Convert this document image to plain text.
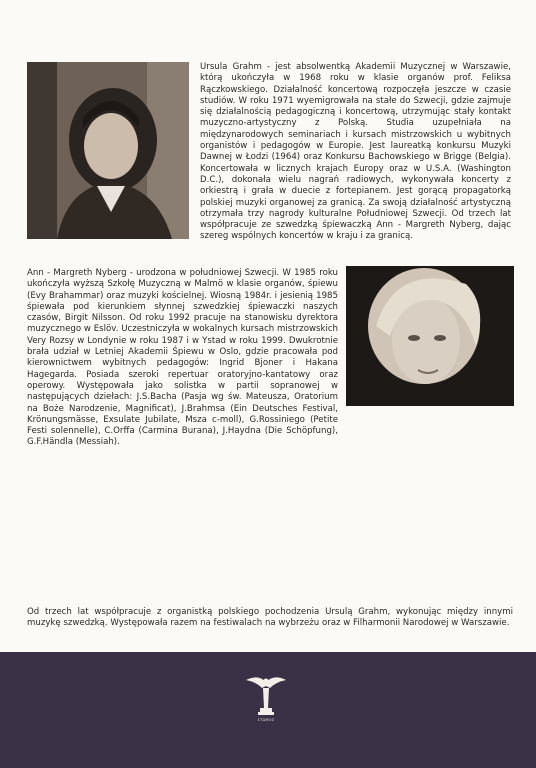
Ursula Grahm - jest absolwentką Akademii Muzycznej w Warszawie, którą ukończyła w 1968 roku w klasie organów prof. Feliksa Rączkowskiego. Działalność koncertową rozpoczęła jeszcze w czasie studiów. W roku 1971 wyemigrowała na stałe do Szwecji, gdzie zajmuje się działalnością pedagogiczną i koncertową, utrzymując stały kontakt muzyczno-artystyczny z Polską. Studia uzupełniała na międzynarodowych seminariach i kursach mistrzowskich u wybitnych organistów i pedagogów w Europie. Jest laureatką konkursu Muzyki Dawnej w Łodzi (1964) oraz Konkursu Bachowskiego w Brigge (Belgia). Koncertowała w licznych krajach Europy oraz w U.S.A. (Washington D.C.), dokonała wielu nagrań radiowych, wykonywała koncerty z orkiestrą i grała w duecie z fortepianem. Jest gorącą propagatorką polskiej muzyki organowej za granicą. Za swoją działalność artystyczną otrzymała trzy nagrody kulturalne Południowej Szwecji. Od trzech lat współpracuje ze szwedzką śpiewaczką Ann - Margreth Nyberg, dając szereg wspólnych koncertów w kraju i za granicą.

Ann - Margreth Nyberg - urodzona w południowej Szwecji. W 1985 roku ukończyła wyższą Szkołę Muzyczną w Malmö w klasie organów, śpiewu (Evy Brahammar) oraz muzyki kościelnej. Wiosną 1984r. i jesienią 1985 śpiewała pod kierunkiem słynnej szwedzkiej śpiewaczki naszych czasów, Birgit Nilsson. Od roku 1992 pracuje na stanowisku dyrektora muzycznego w Eslöv. Uczestniczyła w wokalnych kursach mistrzowskich Very Rozsy w Londynie w roku 1987 i w Ystad w roku 1999. Dwukrotnie brała udział w Letniej Akademii Śpiewu w Oslo, gdzie pracowała pod kierownictwem wybitnych pedagogów: Ingrid Bjoner i Hakana Hagegarda. Posiada szeroki repertuar oratoryjno-kantatowy oraz operowy. Występowała jako solistka w partii sopranowej w następujących dziełach: J.S.Bacha (Pasja wg św. Mateusza, Oratorium na Boże Narodzenie, Magnificat), J.Brahmsa (Ein Deutsches Festival, Krönungsmässe, Exsulate Jubilate, Msza c-moll), G.Rossiniego (Petite Festi solennelle), C.Orffa (Carmina Burana), J.Haydna (Die Schöpfung), G.F.Händla (Messiah).

Od trzech lat współpracuje z organistką polskiego pochodzenia Ursulą Grahm, wykonując między innymi muzykę szwedzką. Występowała razem na festiwalach na wybrzeżu oraz w Filharmonii Narodowej w Warszawie.

ΣΤΩΜΟΣ
